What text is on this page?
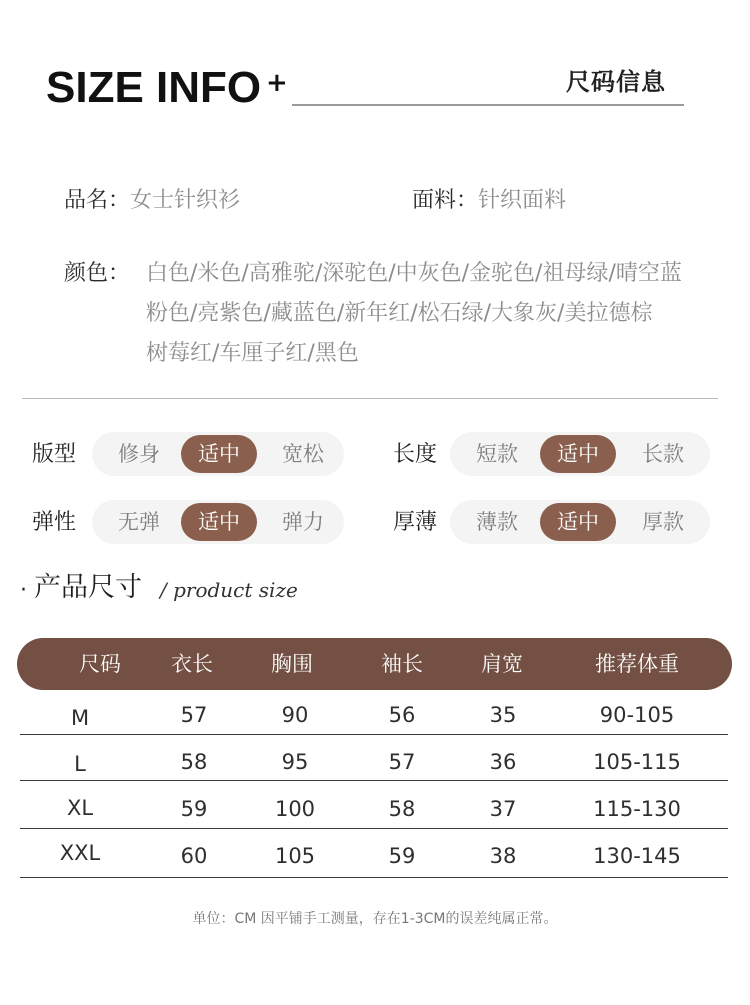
SIZE INFO +	尺码信息
品名：女士针织衫	面料：针织面料
颜色： 白色/米色/高雅驼/深驼色/中灰色/金驼色/祖母绿/晴空蓝
粉色/亮紫色/藏蓝色/新年红/松石绿/大象灰/美拉德棕
树莓红/车厘子红/黑色
版型 修身	适中	宽松	长度 短款	适中	长款
弹性 无弹	适中	弹力	厚薄 薄款	适中	厚款
· 产品尺寸 / product size
尺码	衣长	胸围	袖长	肩宽	推荐体重
M	57	90	56	35	90-105
L	58	95	57	36	105-115
XL	59	100	58	37	115-130
XXL	60	105	59	38	130-145
单位：CM 因平铺手工测量，存在1-3CM的误差纯属正常。
